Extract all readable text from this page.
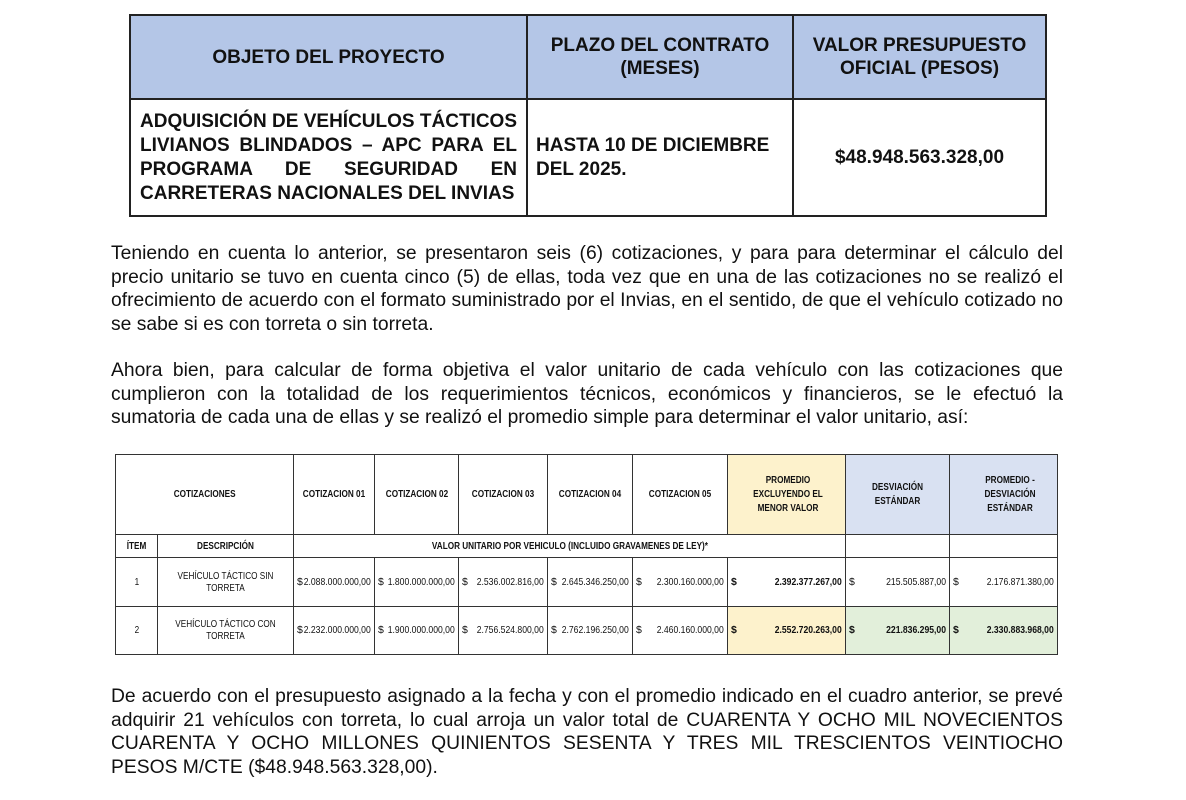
OBJETO DEL PROYECTO	PLAZO DEL CONTRATO (MESES)	VALOR PRESUPUESTO OFICIAL (PESOS)
ADQUISICIÓN DE VEHÍCULOS TÁCTICOS LIVIANOS BLINDADOS – APC PARA EL PROGRAMA DE SEGURIDAD EN CARRETERAS NACIONALES DEL INVIAS	HASTA 10 DE DICIEMBRE DEL 2025.	$48.948.563.328,00

Teniendo en cuenta lo anterior, se presentaron seis (6) cotizaciones, y para para determinar el cálculo del precio unitario se tuvo en cuenta cinco (5) de ellas, toda vez que en una de las cotizaciones no se realizó el ofrecimiento de acuerdo con el formato suministrado por el Invias, en el sentido, de que el vehículo cotizado no se sabe si es con torreta o sin torreta.

Ahora bien, para calcular de forma objetiva el valor unitario de cada vehículo con las cotizaciones que cumplieron con la totalidad de los requerimientos técnicos, económicos y financieros, se le efectuó la sumatoria de cada una de ellas y se realizó el promedio simple para determinar el valor unitario, así:

COTIZACIONES		COTIZACION 01	COTIZACION 02	COTIZACION 03	COTIZACION 04	COTIZACION 05	PROMEDIO EXCLUYENDO EL MENOR VALOR	DESVIACIÓN ESTÁNDAR	PROMEDIO - DESVIACIÓN ESTÁNDAR
ÍTEM	DESCRIPCIÓN	VALOR UNITARIO POR VEHICULO (INCLUIDO GRAVAMENES DE LEY)*							
1	VEHÍCULO TÁCTICO SIN TORRETA	$ 2.088.000.000,00	$ 1.800.000.000,00	$ 2.536.002.816,00	$ 2.645.346.250,00	$ 2.300.160.000,00	$ 2.392.377.267,00	$ 215.505.887,00	$ 2.176.871.380,00

2	VEHÍCULO TÁCTICO CON TORRETA	$ 2.232.000.000,00	$ 1.900.000.000,00	$ 2.756.524.800,00	$ 2.762.196.250,00	$ 2.460.160.000,00	$ 2.552.720.263,00	$ 221.836.295,00	$ 2.330.883.968,00

De acuerdo con el presupuesto asignado a la fecha y con el promedio indicado en el cuadro anterior, se prevé adquirir 21 vehículos con torreta, lo cual arroja un valor total de CUARENTA Y OCHO MIL NOVECIENTOS CUARENTA Y OCHO MILLONES QUINIENTOS SESENTA Y TRES MIL TRESCIENTOS VEINTIOCHO PESOS M/CTE ($48.948.563.328,00).
